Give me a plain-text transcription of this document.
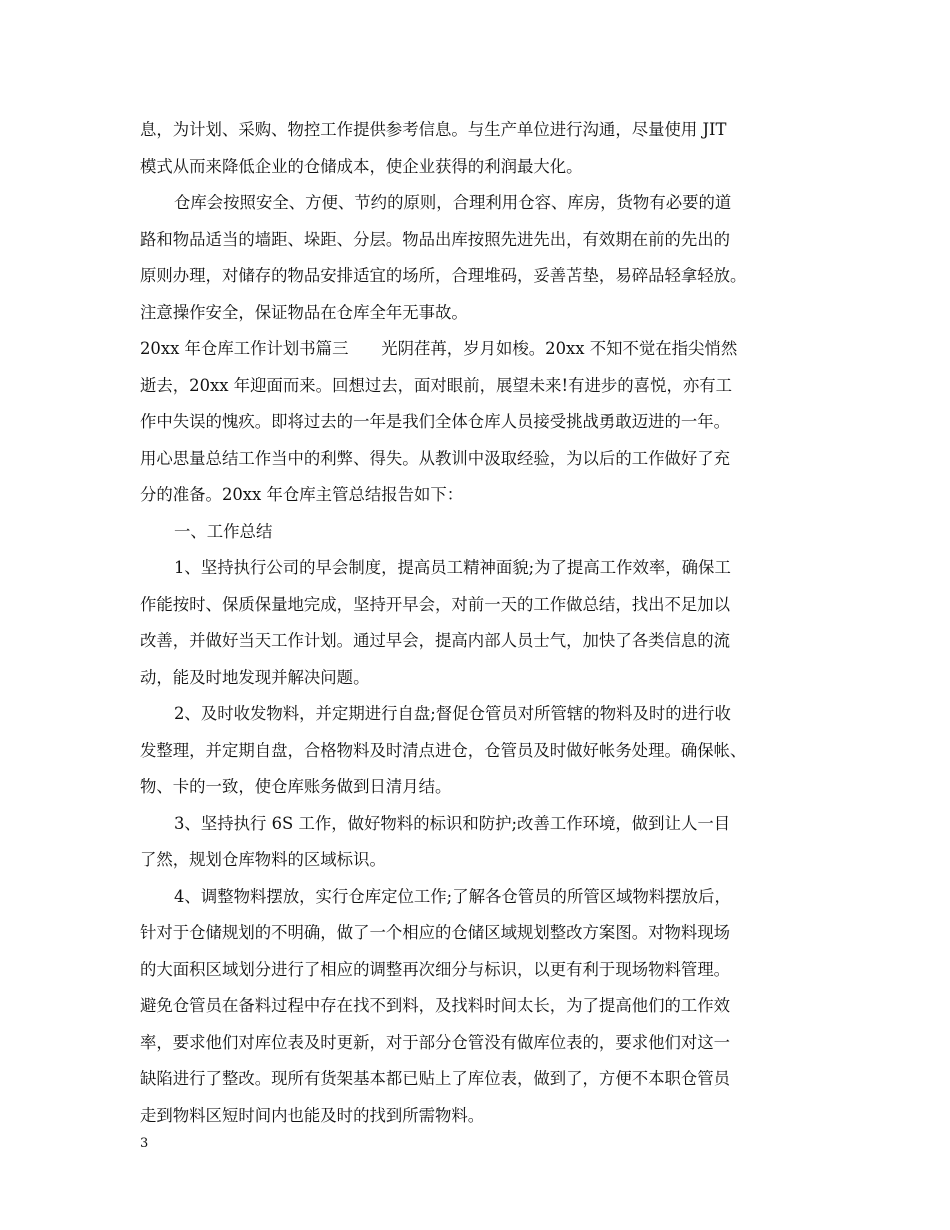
息，为计划、采购、物控工作提供参考信息。与生产单位进行沟通，尽量使用 JIT
模式从而来降低企业的仓储成本，使企业获得的利润最大化。
仓库会按照安全、方便、节约的原则，合理利用仓容、库房，货物有必要的道
路和物品适当的墙距、垛距、分层。物品出库按照先进先出，有效期在前的先出的
原则办理，对储存的物品安排适宜的场所，合理堆码，妥善苫垫，易碎品轻拿轻放。
注意操作安全，保证物品在仓库全年无事故。
20xx 年仓库工作计划书篇三　　光阴荏苒，岁月如梭。20xx 不知不觉在指尖悄然
逝去，20xx 年迎面而来。回想过去，面对眼前，展望未来!有进步的喜悦，亦有工
作中失误的愧疚。即将过去的一年是我们全体仓库人员接受挑战勇敢迈进的一年。
用心思量总结工作当中的利弊、得失。从教训中汲取经验，为以后的工作做好了充
分的准备。20xx 年仓库主管总结报告如下：
一、工作总结
1、坚持执行公司的早会制度，提高员工精神面貌;为了提高工作效率，确保工
作能按时、保质保量地完成，坚持开早会，对前一天的工作做总结，找出不足加以
改善，并做好当天工作计划。通过早会，提高内部人员士气，加快了各类信息的流
动，能及时地发现并解决问题。
2、及时收发物料，并定期进行自盘;督促仓管员对所管辖的物料及时的进行收
发整理，并定期自盘，合格物料及时清点进仓，仓管员及时做好帐务处理。确保帐、
物、卡的一致，使仓库账务做到日清月结。
3、坚持执行 6S 工作，做好物料的标识和防护;改善工作环境，做到让人一目
了然，规划仓库物料的区域标识。
4、调整物料摆放，实行仓库定位工作;了解各仓管员的所管区域物料摆放后，
针对于仓储规划的不明确，做了一个相应的仓储区域规划整改方案图。对物料现场
的大面积区域划分进行了相应的调整再次细分与标识，以更有利于现场物料管理。
避免仓管员在备料过程中存在找不到料，及找料时间太长，为了提高他们的工作效
率，要求他们对库位表及时更新，对于部分仓管没有做库位表的，要求他们对这一
缺陷进行了整改。现所有货架基本都已贴上了库位表，做到了，方便不本职仓管员
走到物料区短时间内也能及时的找到所需物料。
3
